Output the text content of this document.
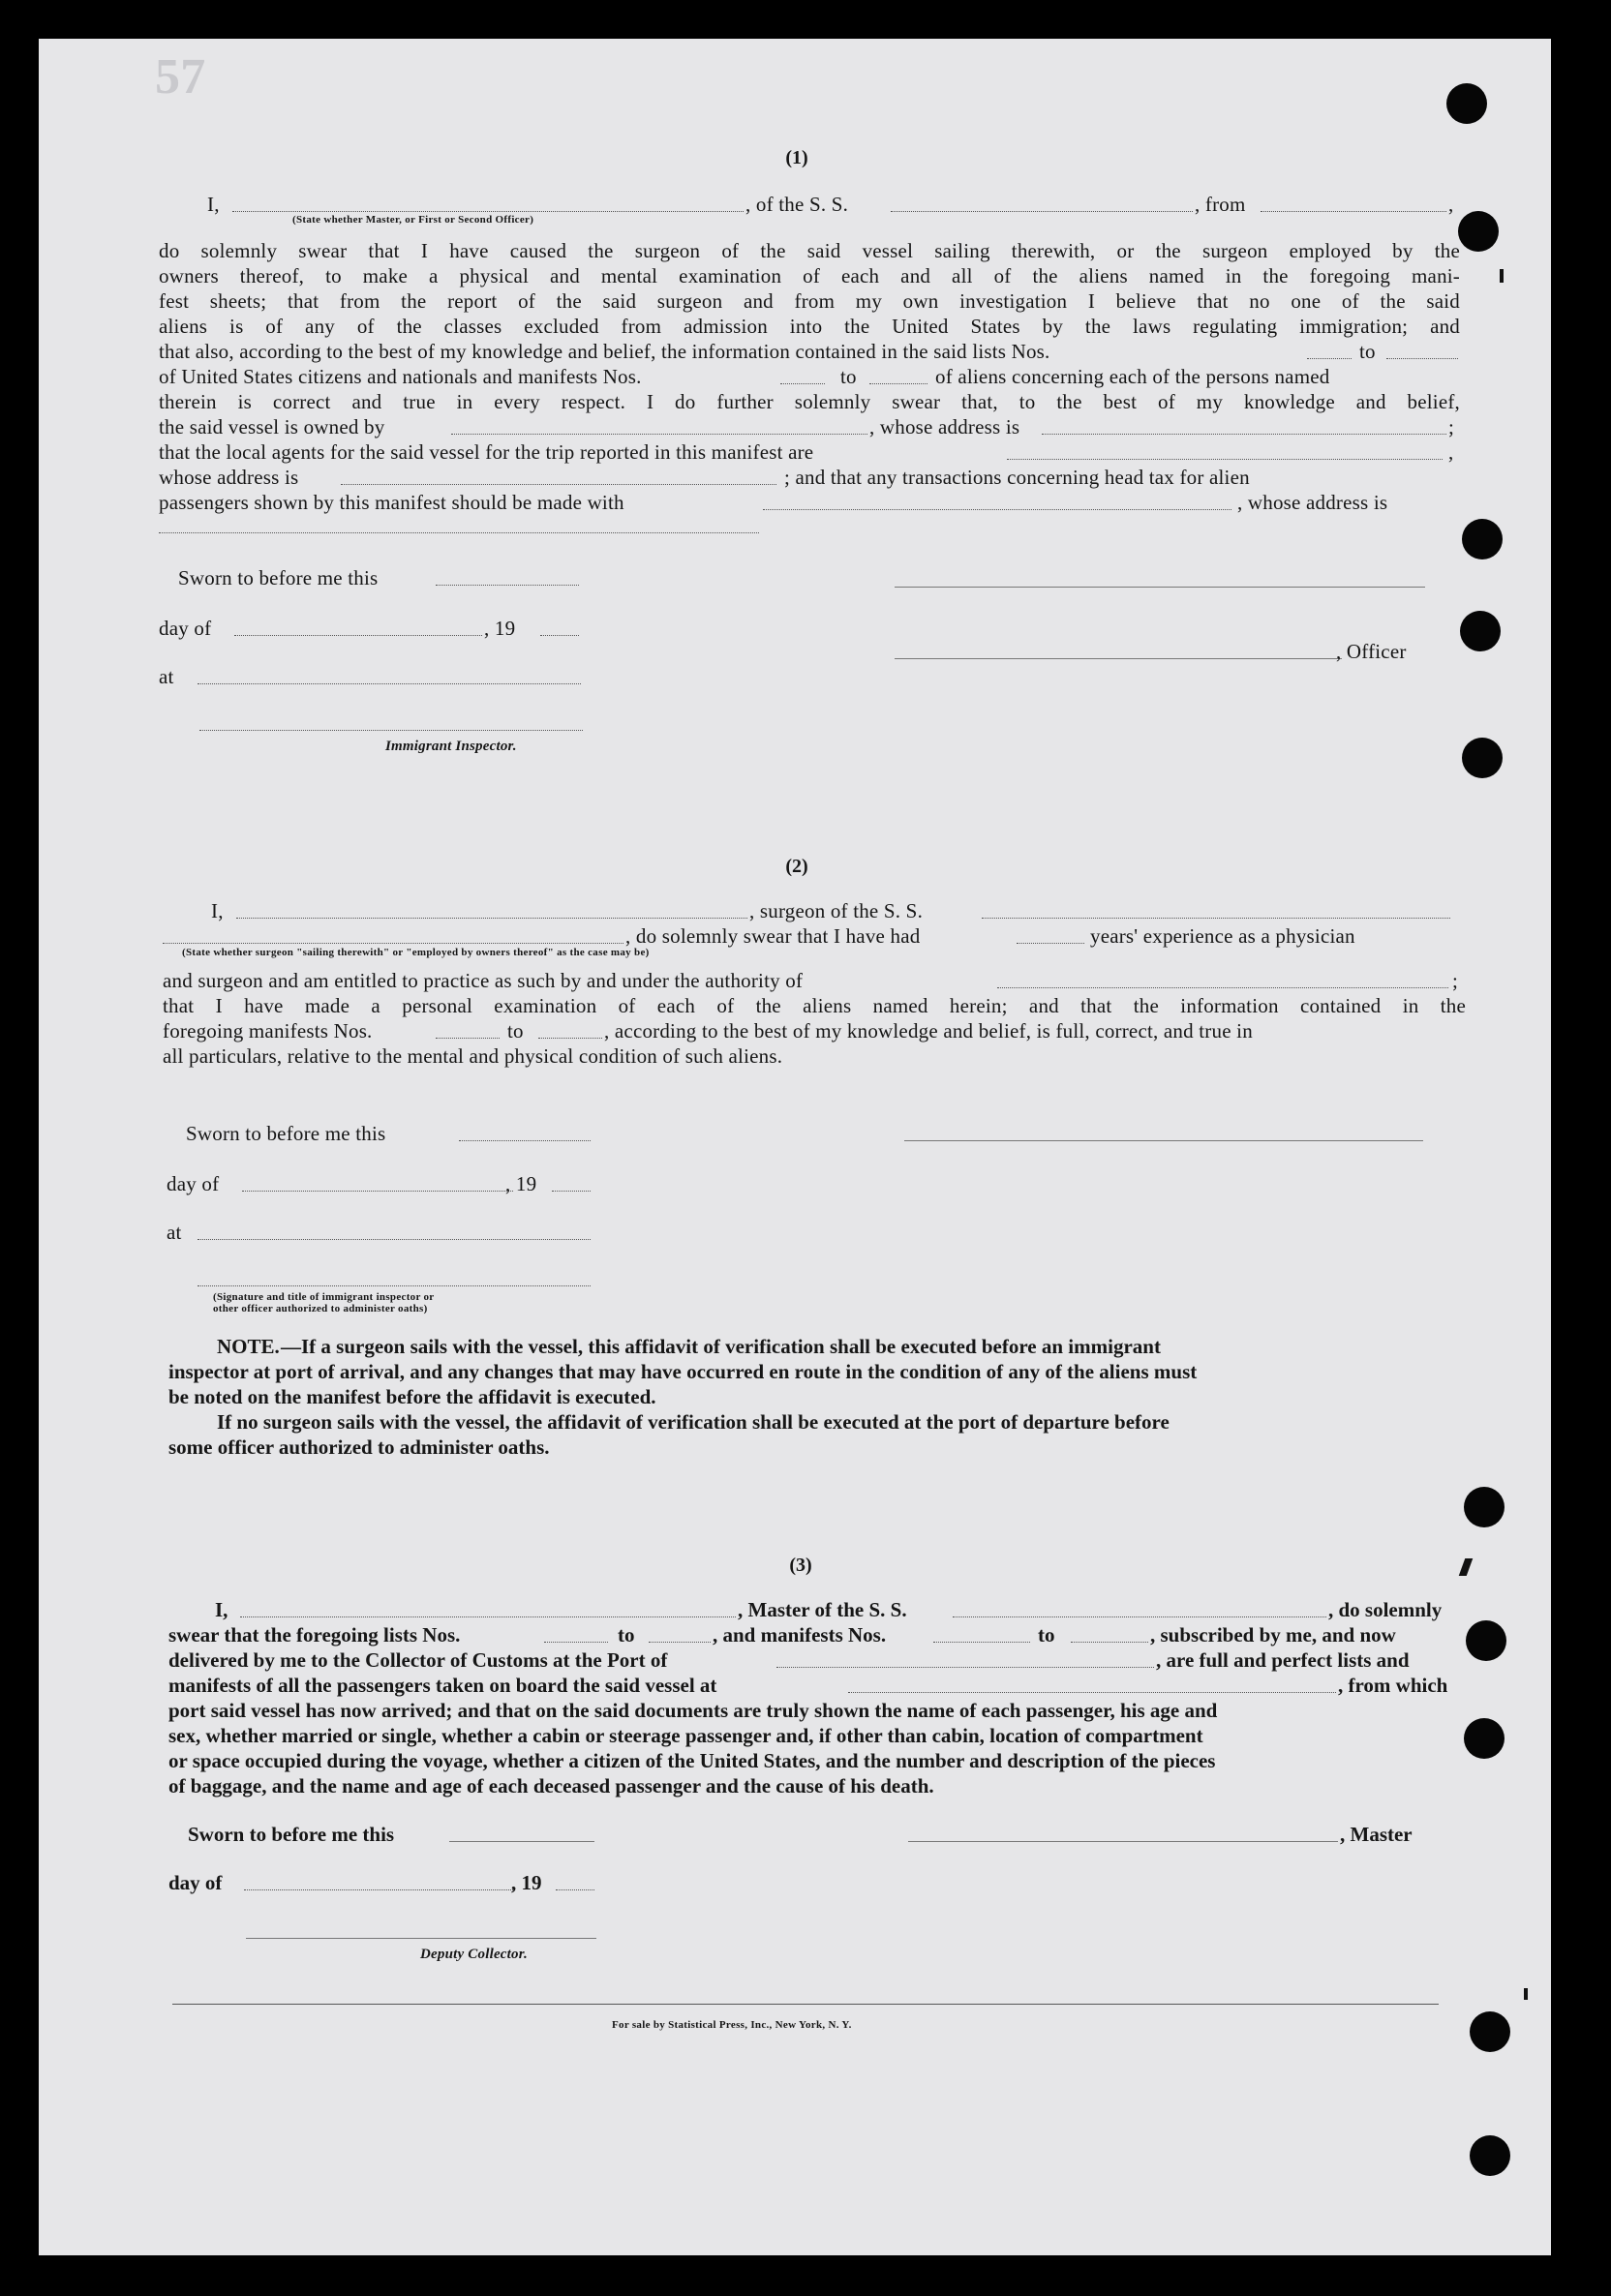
57
(1)
I,	, of the S. S.	, from	,
(State whether Master, or First or Second Officer)
do solemnly swear that I have caused the surgeon of the said vessel sailing therewith, or the surgeon employed by the
owners thereof, to make a physical and mental examination of each and all of the aliens named in the foregoing mani-
fest sheets; that from the report of the said surgeon and from my own investigation I believe that no one of the said
aliens is of any of the classes excluded from admission into the United States by the laws regulating immigration; and
that also, according to the best of my knowledge and belief, the information contained in the said lists Nos.	to
of United States citizens and nationals and manifests Nos.	to	of aliens concerning each of the persons named
therein is correct and true in every respect. I do further solemnly swear that, to the best of my knowledge and belief,
the said vessel is owned by	, whose address is	;
that the local agents for the said vessel for the trip reported in this manifest are	,
whose address is	; and that any transactions concerning head tax for alien
passengers shown by this manifest should be made with	, whose address is
Sworn to before me this
day of	, 19
, Officer
at
Immigrant Inspector.
(2)
I,	, surgeon of the S. S.
, do solemnly swear that I have had	years' experience as a physician
(State whether surgeon "sailing therewith" or "employed by owners thereof" as the case may be)
and surgeon and am entitled to practice as such by and under the authority of	;
that I have made a personal examination of each of the aliens named herein; and that the information contained in the
foregoing manifests Nos.	to	, according to the best of my knowledge and belief, is full, correct, and true in
all particulars, relative to the mental and physical condition of such aliens.
Sworn to before me this
day of	, 19
at
(Signature and title of immigrant inspector or
other officer authorized to administer oaths)
NOTE. —If a surgeon sails with the vessel, this affidavit of verification shall be executed before an immigrant
inspector at port of arrival, and any changes that may have occurred en route in the condition of any of the aliens must
be noted on the manifest before the affidavit is executed.
If no surgeon sails with the vessel, the affidavit of verification shall be executed at the port of departure before
some officer authorized to administer oaths.
(3)
I,	, Master of the S. S.	, do solemnly
swear that the foregoing lists Nos.	to	, and manifests Nos.	to	, subscribed by me, and now
delivered by me to the Collector of Customs at the Port of	, are full and perfect lists and
manifests of all the passengers taken on board the said vessel at	, from which
port said vessel has now arrived; and that on the said documents are truly shown the name of each passenger, his age and
sex, whether married or single, whether a cabin or steerage passenger and, if other than cabin, location of compartment
or space occupied during the voyage, whether a citizen of the United States, and the number and description of the pieces
of baggage, and the name and age of each deceased passenger and the cause of his death.
Sworn to before me this	, Master
day of	, 19
Deputy Collector.
For sale by Statistical Press, Inc., New York, N. Y.
